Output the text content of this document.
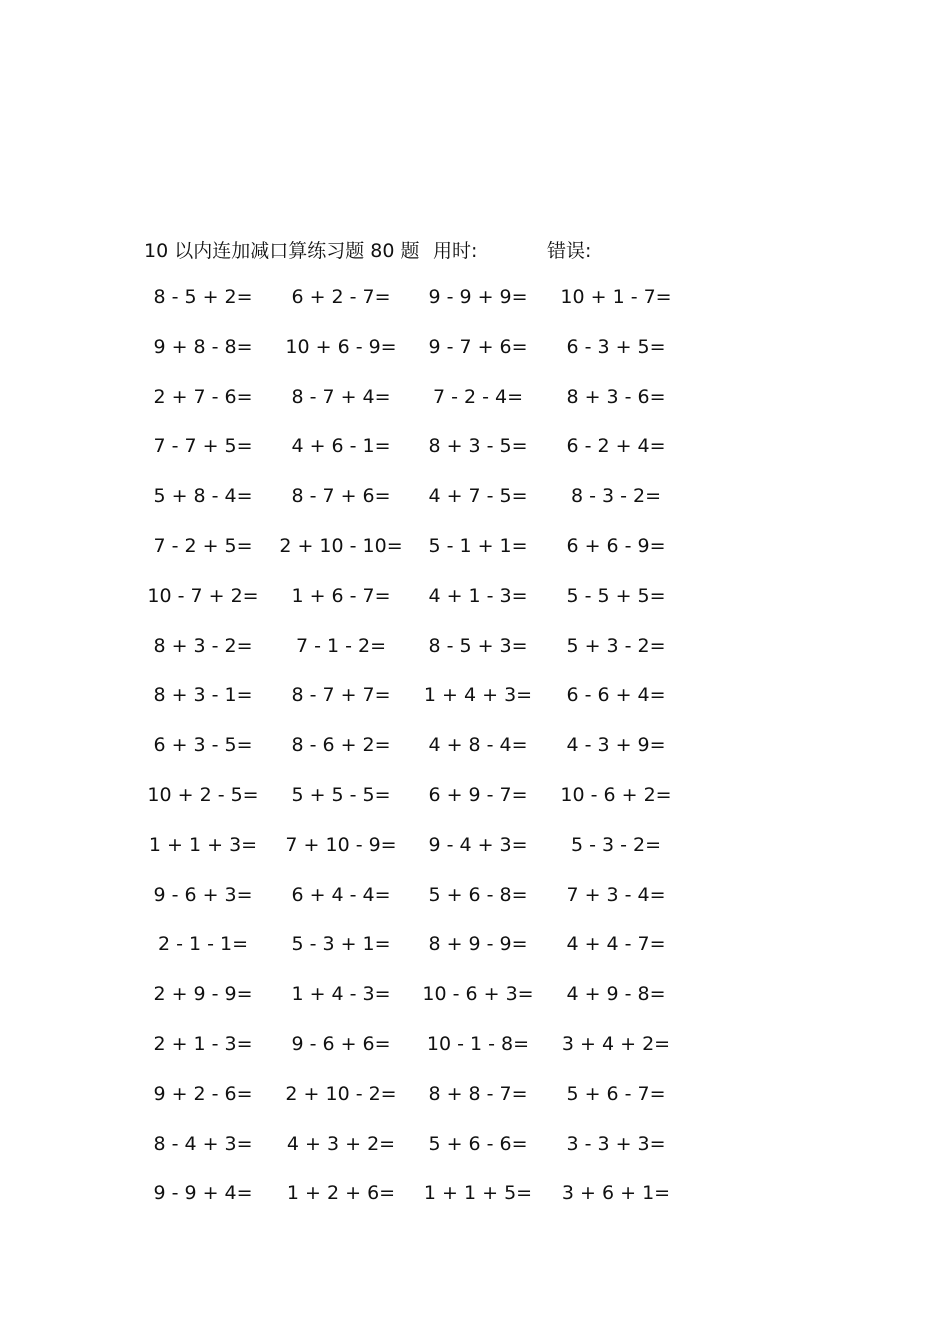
10 以内连加减口算练习题 80 题 用时:	错误:
8 - 5 + 2=	6 + 2 - 7=	9 - 9 + 9=	10 + 1 - 7=
9 + 8 - 8=	10 + 6 - 9=	9 - 7 + 6=	6 - 3 + 5=
2 + 7 - 6=	8 - 7 + 4=	7 - 2 - 4=	8 + 3 - 6=
7 - 7 + 5=	4 + 6 - 1=	8 + 3 - 5=	6 - 2 + 4=
5 + 8 - 4=	8 - 7 + 6=	4 + 7 - 5=	8 - 3 - 2=
7 - 2 + 5=	2 + 10 - 10=	5 - 1 + 1=	6 + 6 - 9=
10 - 7 + 2=	1 + 6 - 7=	4 + 1 - 3=	5 - 5 + 5=
8 + 3 - 2=	7 - 1 - 2=	8 - 5 + 3=	5 + 3 - 2=
8 + 3 - 1=	8 - 7 + 7=	1 + 4 + 3=	6 - 6 + 4=
6 + 3 - 5=	8 - 6 + 2=	4 + 8 - 4=	4 - 3 + 9=
10 + 2 - 5=	5 + 5 - 5=	6 + 9 - 7=	10 - 6 + 2=
1 + 1 + 3=	7 + 10 - 9=	9 - 4 + 3=	5 - 3 - 2=
9 - 6 + 3=	6 + 4 - 4=	5 + 6 - 8=	7 + 3 - 4=
2 - 1 - 1=	5 - 3 + 1=	8 + 9 - 9=	4 + 4 - 7=
2 + 9 - 9=	1 + 4 - 3=	10 - 6 + 3=	4 + 9 - 8=
2 + 1 - 3=	9 - 6 + 6=	10 - 1 - 8=	3 + 4 + 2=
9 + 2 - 6=	2 + 10 - 2=	8 + 8 - 7=	5 + 6 - 7=
8 - 4 + 3=	4 + 3 + 2=	5 + 6 - 6=	3 - 3 + 3=
9 - 9 + 4=	1 + 2 + 6=	1 + 1 + 5=	3 + 6 + 1=
